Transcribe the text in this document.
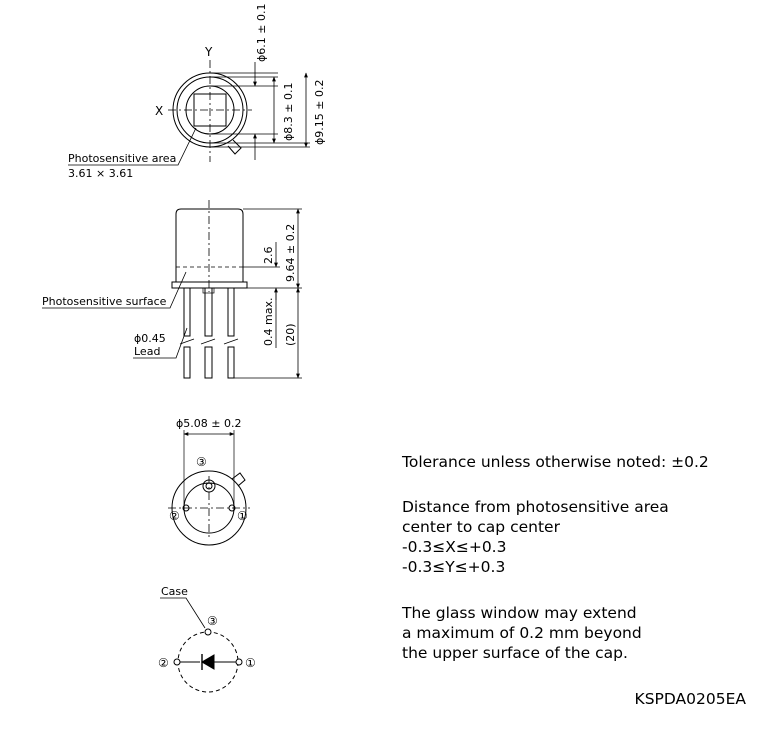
Y
X
ϕ6.1 ± 0.1
ϕ8.3 ± 0.1 ϕ9.15 ± 0.2
Photosensitive area
3.61 × 3.61
2.6 9.64 ± 0.2
0.4 max. (20)
Photosensitive surface
ϕ0.45
Lead
ϕ5.08 ± 0.2
③
②	①
Case
③
②	①

Tolerance unless otherwise noted: ±0.2

Distance from photosensitive area
center to cap center
-0.3≤X≤+0.3
-0.3≤Y≤+0.3

The glass window may extend
a maximum of 0.2 mm beyond
the upper surface of the cap.

KSPDA0205EA
